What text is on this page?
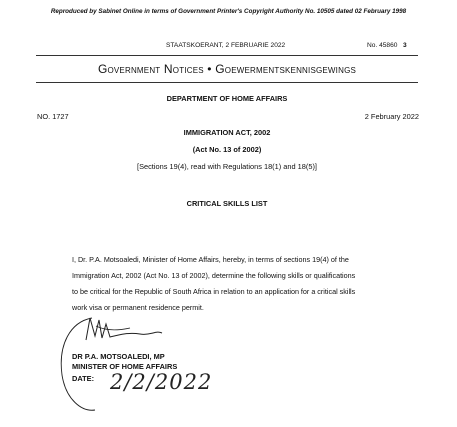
Reproduced by Sabinet Online in terms of Government Printer's Copyright Authority No. 10505 dated 02 February 1998
STAATSKOERANT, 2 FEBRUARIE 2022	No. 45860 3
Government Notices • Goewermentskennisgewings
DEPARTMENT OF HOME AFFAIRS
NO. 1727	2 February 2022
IMMIGRATION ACT, 2002
(Act No. 13 of 2002)
[Sections 19(4), read with Regulations 18(1) and 18(5)]
CRITICAL SKILLS LIST
I, Dr. P.A. Motsoaledi, Minister of Home Affairs, hereby, in terms of sections 19(4) of the
Immigration Act, 2002 (Act No. 13 of 2002), determine the following skills or qualifications
to be critical for the Republic of South Africa in relation to an application for a critical skills
work visa or permanent residence permit.
DR P.A. MOTSOALEDI, MP
MINISTER OF HOME AFFAIRS
DATE: 2/2/2022
